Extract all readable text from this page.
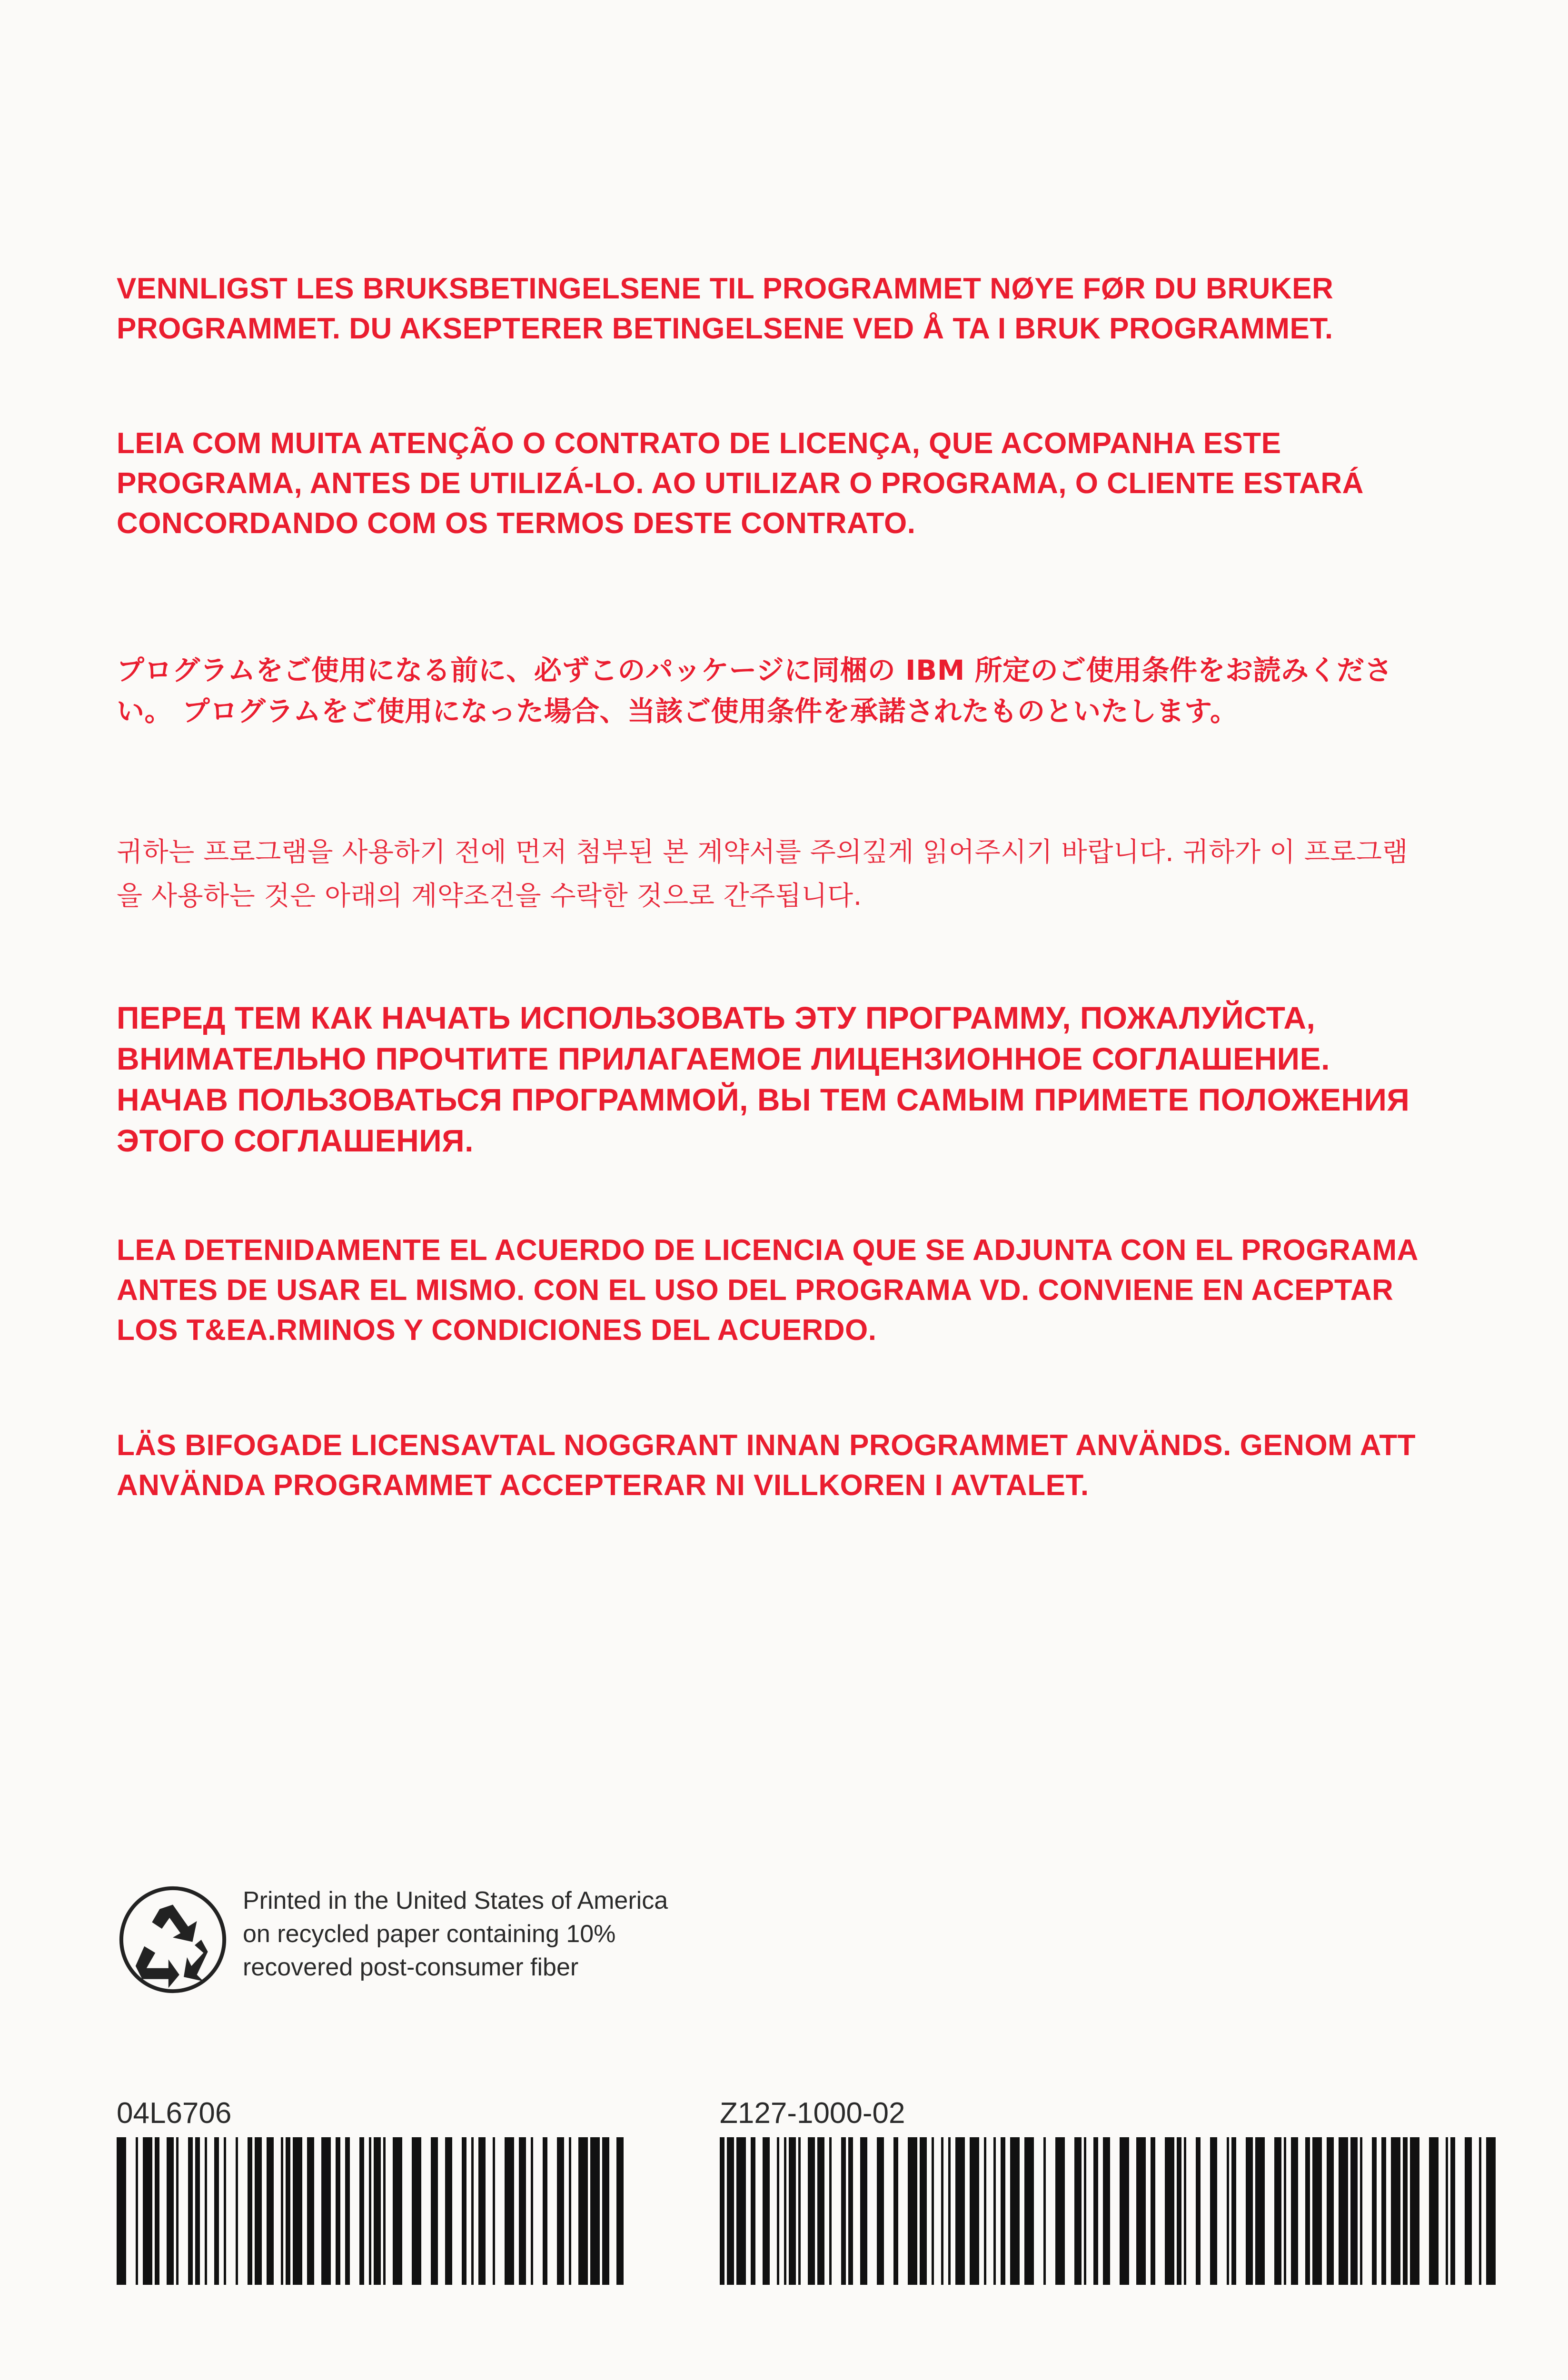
VENNLIGST LES BRUKSBETINGELSENE TIL PROGRAMMET NØYE FØR DU BRUKER PROGRAMMET. DU AKSEPTERER BETINGELSENE VED Å TA I BRUK PROGRAMMET.

LEIA COM MUITA ATENÇÃO O CONTRATO DE LICENÇA, QUE ACOMPANHA ESTE PROGRAMA, ANTES DE UTILIZÁ-LO. AO UTILIZAR O PROGRAMA, O CLIENTE ESTARÁ CONCORDANDO COM OS TERMOS DESTE CONTRATO.

プログラムをご使用になる前に、必ずこのパッケージに同梱の IBM 所定のご使用条件をお読みください。 プログラムをご使用になった場合、当該ご使用条件を承諾されたものといたします。

귀하는 프로그램을 사용하기 전에 먼저 첨부된 본 계약서를 주의깊게 읽어주시기 바랍니다. 귀하가 이 프로그램을 사용하는 것은 아래의 계약조건을 수락한 것으로 간주됩니다.

ПЕРЕД ТЕМ КАК НАЧАТЬ ИСПОЛЬЗОВАТЬ ЭТУ ПРОГРАММУ, ПОЖАЛУЙСТА, ВНИМАТЕЛЬНО ПРОЧТИТЕ ПРИЛАГАЕМОЕ ЛИЦЕНЗИОННОЕ СОГЛАШЕНИЕ. НАЧАВ ПОЛЬЗОВАТЬСЯ ПРОГРАММОЙ, ВЫ ТЕМ САМЫМ ПРИМЕТЕ ПОЛОЖЕНИЯ ЭТОГО СОГЛАШЕНИЯ.

LEA DETENIDAMENTE EL ACUERDO DE LICENCIA QUE SE ADJUNTA CON EL PROGRAMA ANTES DE USAR EL MISMO. CON EL USO DEL PROGRAMA VD. CONVIENE EN ACEPTAR LOS T&EA.RMINOS Y CONDICIONES DEL ACUERDO.

LÄS BIFOGADE LICENSAVTAL NOGGRANT INNAN PROGRAMMET ANVÄNDS. GENOM ATT ANVÄNDA PROGRAMMET ACCEPTERAR NI VILLKOREN I AVTALET.

Printed in the United States of America
on recycled paper containing 10%
recovered post-consumer fiber

04L6706	Z127-1000-02
